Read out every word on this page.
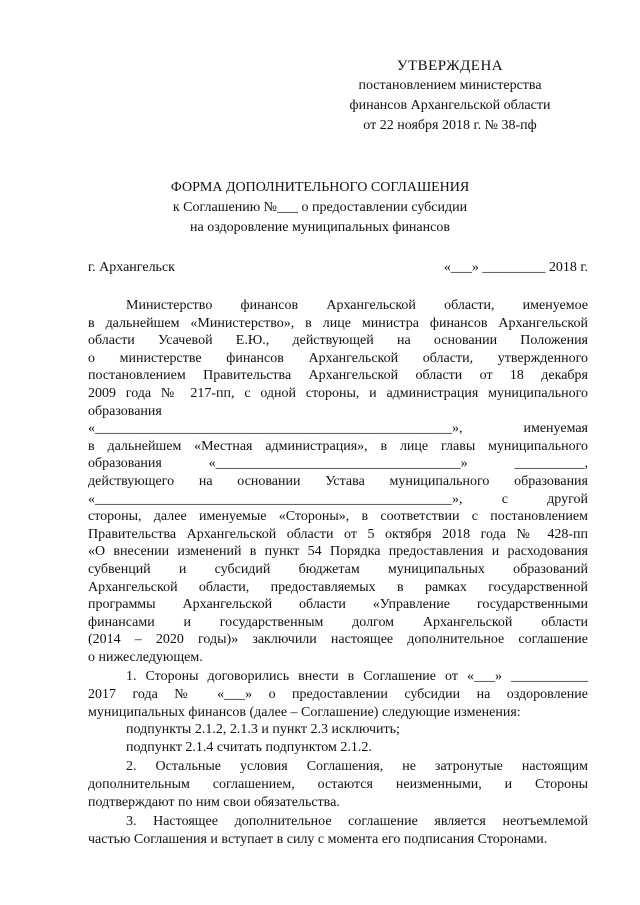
УТВЕРЖДЕНА
постановлением министерства
финансов Архангельской области
от 22 ноября 2018 г. № 38-пф
ФОРМА ДОПОЛНИТЕЛЬНОГО СОГЛАШЕНИЯ
к Соглашению №___ о предоставлении субсидии
на оздоровление муниципальных финансов
г. Архангельск	«___» _________ 2018 г.
Министерство финансов Архангельской области, именуемое
в дальнейшем «Министерство», в лице министра финансов Архангельской
области Усачевой Е.Ю., действующей на основании Положения
о министерстве финансов Архангельской области, утвержденного
постановлением Правительства Архангельской области от 18 декабря
2009 года № 217-пп, с одной стороны, и администрация муниципального
образования
«___________________________________________________», именуемая
в дальнейшем «Местная администрация», в лице главы муниципального
образования «___________________________________» __________,
действующего на основании Устава муниципального образования
«___________________________________________________», с другой
стороны, далее именуемые «Стороны», в соответствии с постановлением
Правительства Архангельской области от 5 октября 2018 года № 428-пп
«О внесении изменений в пункт 54 Порядка предоставления и расходования
субвенций и субсидий бюджетам муниципальных образований
Архангельской области, предоставляемых в рамках государственной
программы Архангельской области «Управление государственными
финансами и государственным долгом Архангельской области
(2014 – 2020 годы)» заключили настоящее дополнительное соглашение
о нижеследующем.
1. Стороны договорились внести в Соглашение от «___» ___________
2017 года № «___» о предоставлении субсидии на оздоровление
муниципальных финансов (далее – Соглашение) следующие изменения:
подпункты 2.1.2, 2.1.3 и пункт 2.3 исключить;
подпункт 2.1.4 считать подпунктом 2.1.2.
2. Остальные условия Соглашения, не затронутые настоящим
дополнительным соглашением, остаются неизменными, и Стороны
подтверждают по ним свои обязательства.
3. Настоящее дополнительное соглашение является неотъемлемой
частью Соглашения и вступает в силу с момента его подписания Сторонами.
